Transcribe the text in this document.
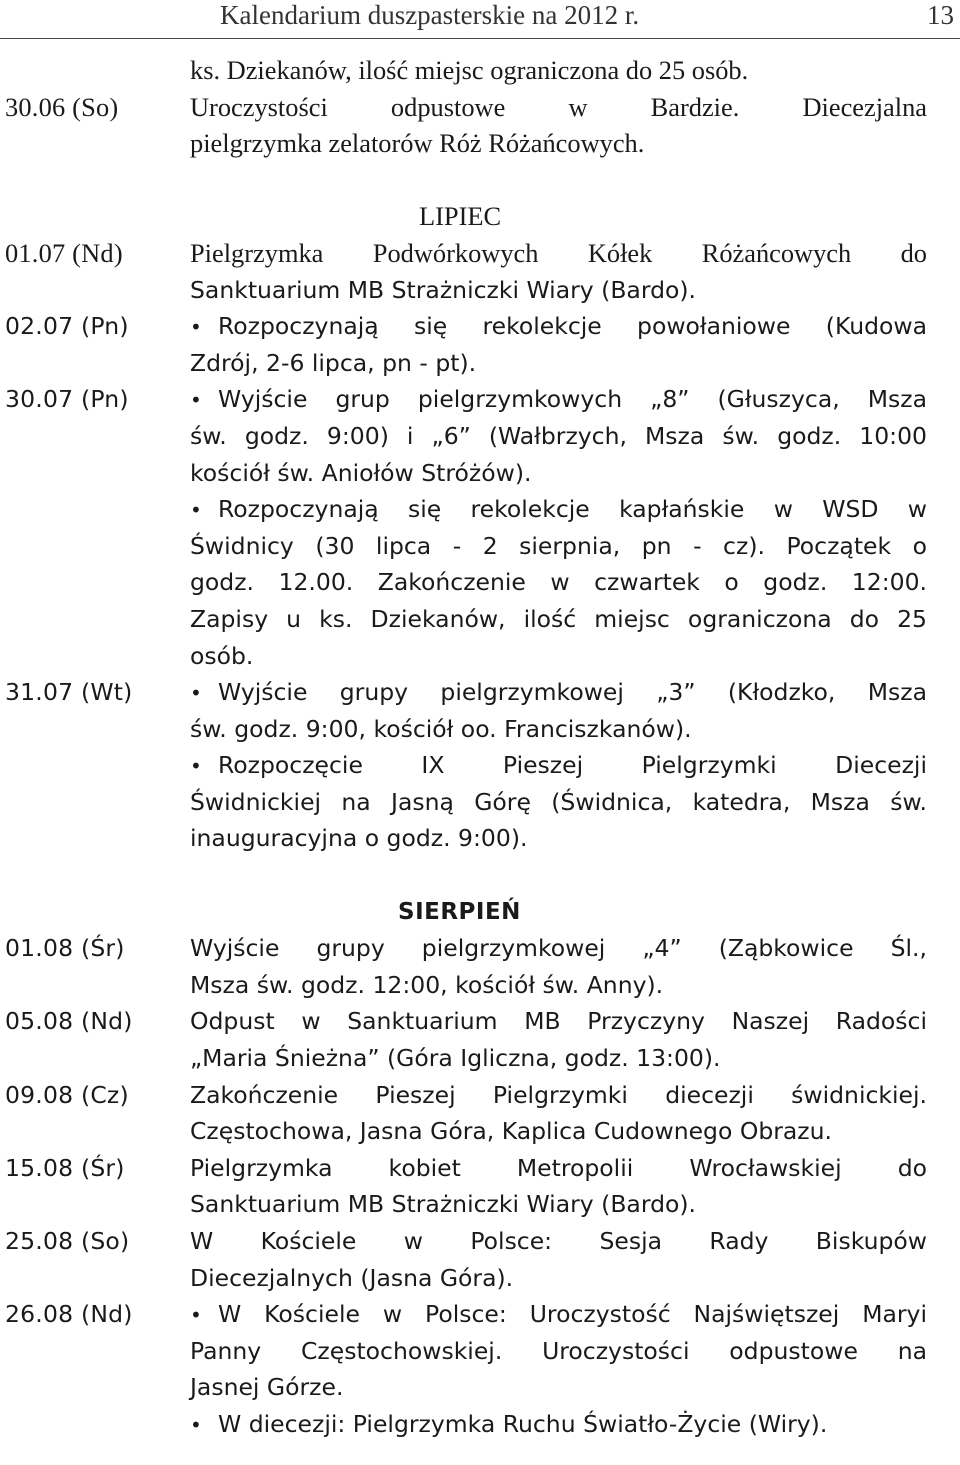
Kalendarium duszpasterskie na 2012 r.	13
ks. Dziekanów, ilość miejsc ograniczona do 25 osób.
30.06 (So)	Uroczystości odpustowe w Bardzie. Diecezjalna
pielgrzymka zelatorów Róż Różańcowych.
LIPIEC
01.07 (Nd)	Pielgrzymka Podwórkowych Kółek Różańcowych do
Sanktuarium MB Strażniczki Wiary (Bardo).
02.07 (Pn)	• Rozpoczynają się rekolekcje powołaniowe (Kudowa
Zdrój, 2-6 lipca, pn - pt).
30.07 (Pn)	• Wyjście grup pielgrzymkowych „8” (Głuszyca, Msza
św. godz. 9:00) i „6” (Wałbrzych, Msza św. godz. 10:00
kościół św. Aniołów Stróżów).
• Rozpoczynają się rekolekcje kapłańskie w WSD w
Świdnicy (30 lipca - 2 sierpnia, pn - cz). Początek o
godz. 12.00. Zakończenie w czwartek o godz. 12:00.
Zapisy u ks. Dziekanów, ilość miejsc ograniczona do 25
osób.
31.07 (Wt)	• Wyjście grupy pielgrzymkowej „3” (Kłodzko, Msza
św. godz. 9:00, kościół oo. Franciszkanów).
• Rozpoczęcie IX Pieszej Pielgrzymki Diecezji
Świdnickiej na Jasną Górę (Świdnica, katedra, Msza św.
inauguracyjna o godz. 9:00).
SIERPIEŃ
01.08 (Śr)	Wyjście grupy pielgrzymkowej „4” (Ząbkowice Śl.,
Msza św. godz. 12:00, kościół św. Anny).
05.08 (Nd) Odpust w Sanktuarium MB Przyczyny Naszej Radości
„Maria Śnieżna” (Góra Igliczna, godz. 13:00).
09.08 (Cz)	Zakończenie Pieszej Pielgrzymki diecezji świdnickiej.
Częstochowa, Jasna Góra, Kaplica Cudownego Obrazu.
15.08 (Śr)	Pielgrzymka kobiet Metropolii Wrocławskiej do
Sanktuarium MB Strażniczki Wiary (Bardo).
25.08 (So)	W Kościele w Polsce: Sesja Rady Biskupów
Diecezjalnych (Jasna Góra).
26.08 (Nd)	• W Kościele w Polsce: Uroczystość Najświętszej Maryi
Panny Częstochowskiej. Uroczystości odpustowe na
Jasnej Górze.
• W diecezji: Pielgrzymka Ruchu Światło-Życie (Wiry).
